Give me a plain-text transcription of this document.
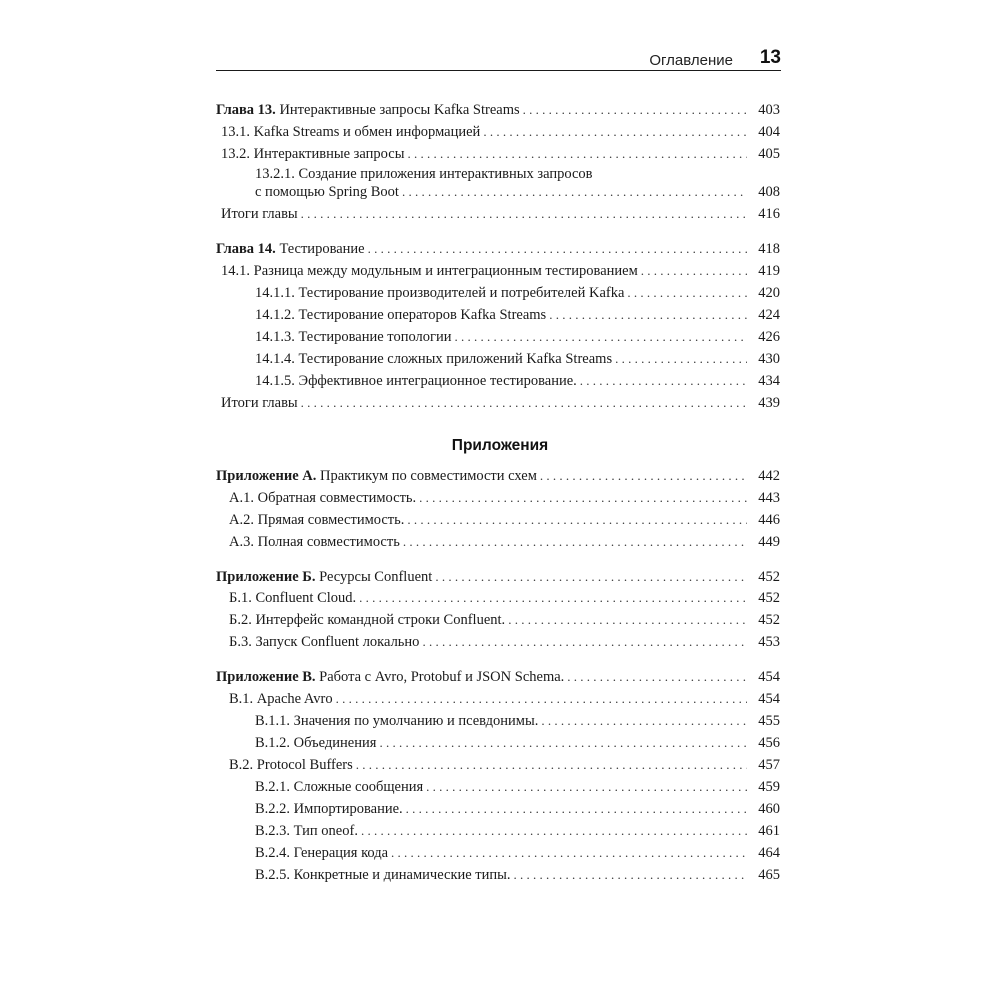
Оглавление 13
Глава 13. Интерактивные запросы Kafka Streams . . .	403
13.1. Kafka Streams и обмен информацией . . .	404
13.2. Интерактивные запросы . . .	405
13.2.1. Создание приложения интерактивных запросов
с помощью Spring Boot . . .	408
Итоги главы . . .	416
Глава 14. Тестирование . . .	418
14.1. Разница между модульным и интеграционным тестированием . . .	419
14.1.1. Тестирование производителей и потребителей Kafka . . .	420
14.1.2. Тестирование операторов Kafka Streams . . .	424
14.1.3. Тестирование топологии . . .	426
14.1.4. Тестирование сложных приложений Kafka Streams . . .	430
14.1.5. Эффективное интеграционное тестирование. . . .	434
Итоги главы . . .	439
Приложения
Приложение А. Практикум по совместимости схем . . .	442
А.1. Обратная совместимость. . . .	443
А.2. Прямая совместимость. . . .	446
А.3. Полная совместимость . . .	449
Приложение Б. Ресурсы Confluent . . .	452
Б.1. Confluent Cloud. . . .	452
Б.2. Интерфейс командной строки Confluent. . . .	452
Б.3. Запуск Confluent локально . . .	453
Приложение В. Работа с Avro, Protobuf и JSON Schema. . . .	454
В.1. Apache Avro . . .	454
В.1.1. Значения по умолчанию и псевдонимы. . . .	455
В.1.2. Объединения . . .	456
В.2. Protocol Buffers . . .	457
В.2.1. Сложные сообщения . . .	459
В.2.2. Импортирование. . . .	460
В.2.3. Тип oneof. . . .	461
В.2.4. Генерация кода . . .	464
В.2.5. Конкретные и динамические типы. . . .	465
